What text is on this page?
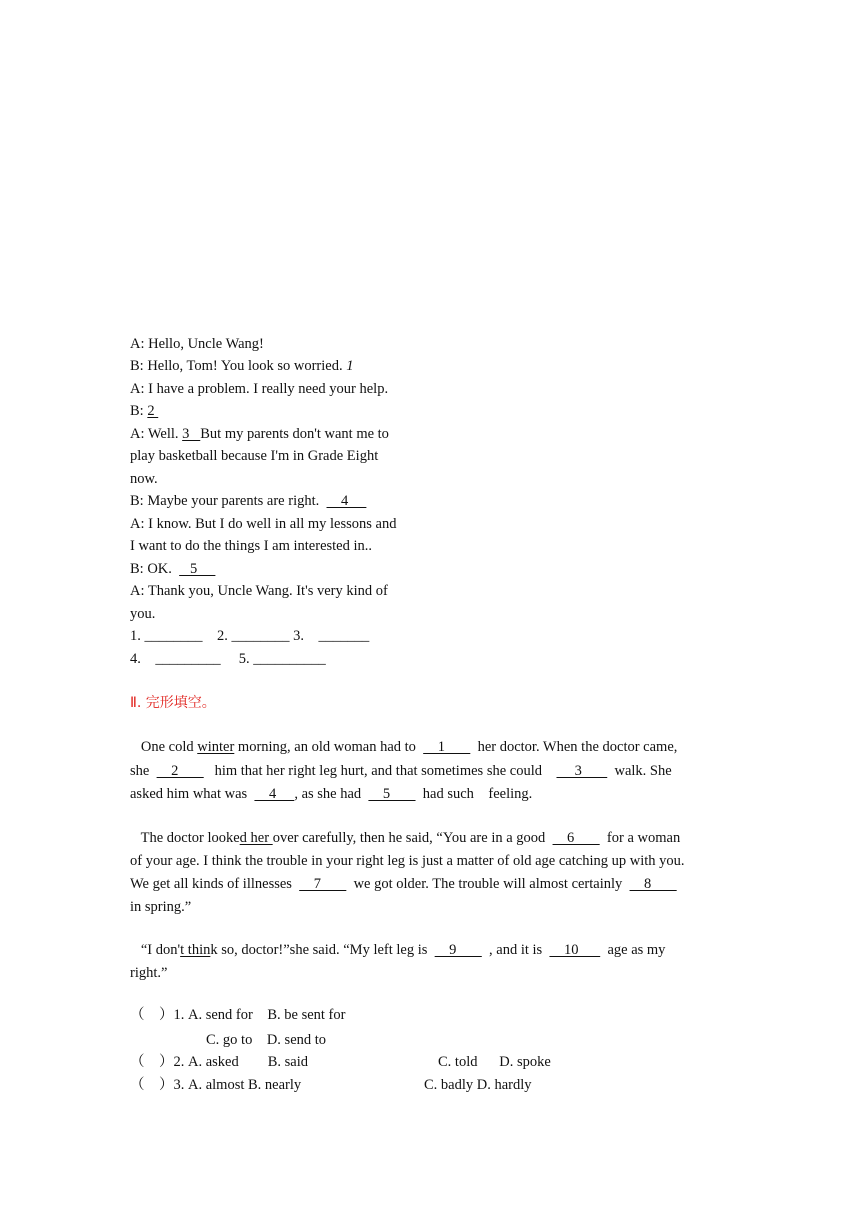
A: Hello, Uncle Wang!
B: Hello, Tom! You look so worried. 1
A: I have a problem. I really need your help.
B: 2
A: Well. 3   But my parents don't want me to
play basketball because I'm in Grade Eight
now.
B: Maybe your parents are right.      4
A: I know. But I do well in all my lessons and
I want to do the things I am interested in..
B: OK.     5
A: Thank you, Uncle Wang. It's very kind of
you.
1. ________    2. ________ 3.    _______
4.    _________     5. __________
Ⅱ. 完形填空。
One cold winter morning, an old woman had to      1         her doctor. When the doctor came,
she      2          him that her right leg hurt, and that sometimes she could         3         walk. She
asked him what was      4     , as she had      5         had such    feeling.
The doctor looked her over carefully, then he said, “You are in a good      6         for a woman
of your age. I think the trouble in your right leg is just a matter of old age catching up with you.
We get all kinds of illnesses      7         we got older. The trouble will almost certainly      8
in spring.”
“I don't think so, doctor!”she said. “My left leg is      9         , and it is      10        age as my
right.”
（    ）1. A. send for    B. be sent for
C. go to    D. send to
（    ）2. A. asked        B. said	C. told      D. spoke
（    ）3. A. almost B. nearly	C. badly D. hardly
